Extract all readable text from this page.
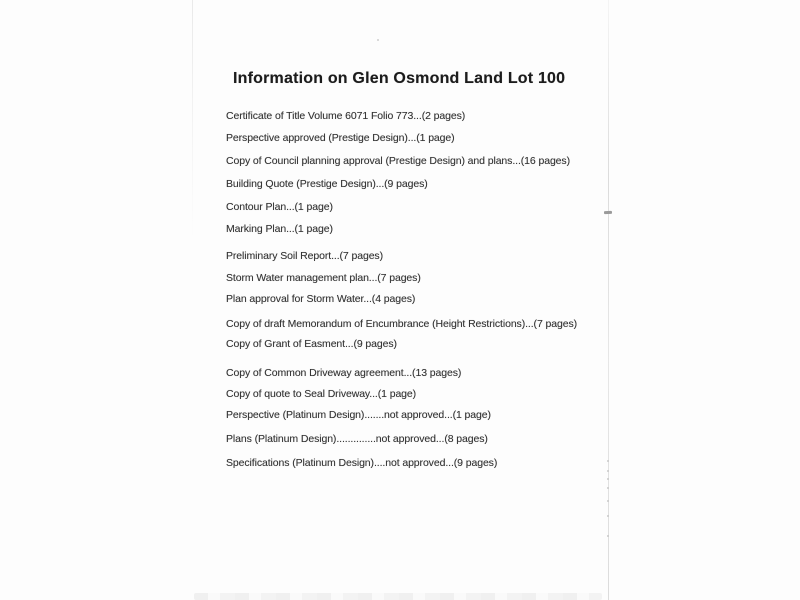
Information on Glen Osmond Land Lot 100
Certificate of Title Volume 6071 Folio 773...(2 pages)
Perspective approved (Prestige Design)...(1 page)
Copy of Council planning approval (Prestige Design) and plans...(16 pages)
Building Quote (Prestige Design)...(9 pages)
Contour Plan...(1 page)
Marking Plan...(1 page)
Preliminary Soil Report...(7 pages)
Storm Water management plan...(7 pages)
Plan approval for Storm Water...(4 pages)
Copy of draft Memorandum of Encumbrance (Height Restrictions)...(7 pages)
Copy of Grant of Easment...(9 pages)
Copy of Common Driveway agreement...(13 pages)
Copy of quote to Seal Driveway...(1 page)
Perspective (Platinum Design).......not approved...(1 page)
Plans (Platinum Design)..............not approved...(8 pages)
Specifications (Platinum Design)....not approved...(9 pages)
